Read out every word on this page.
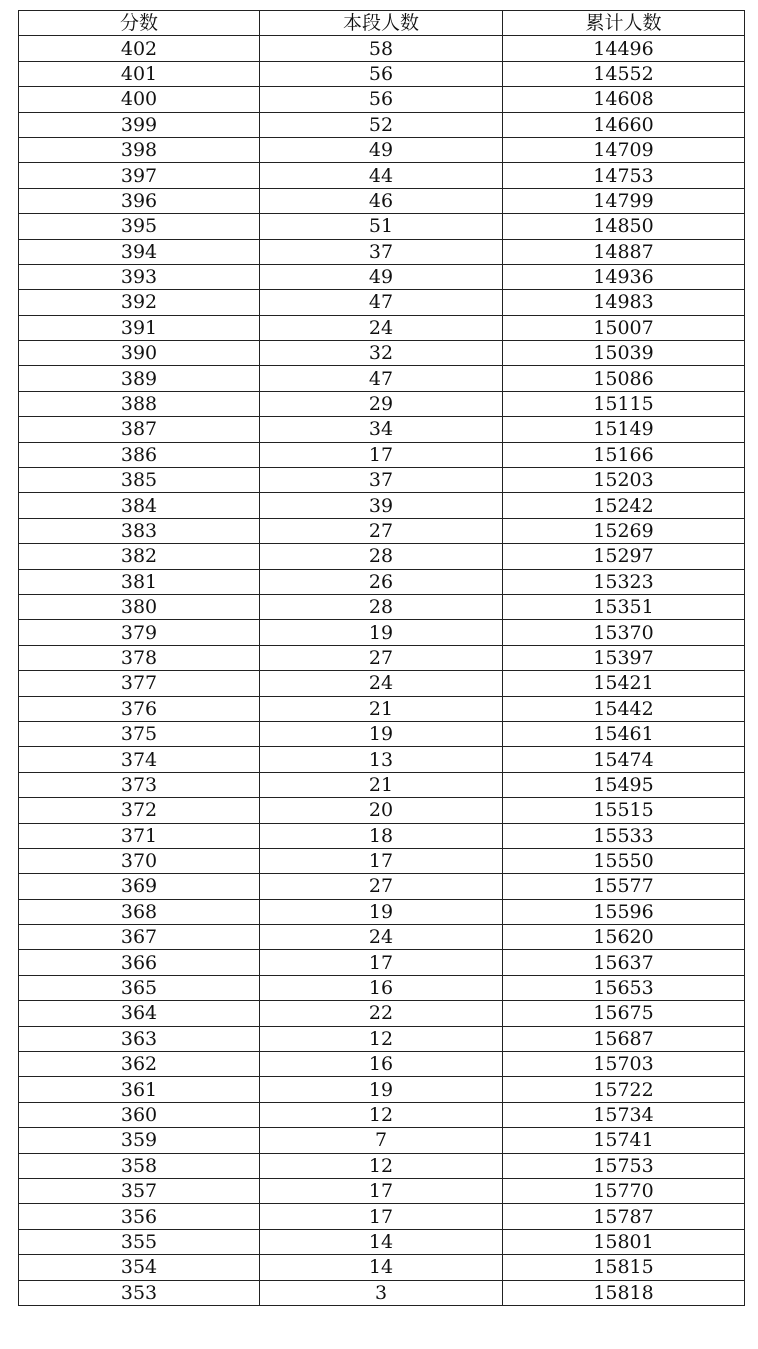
分数	本段人数	累计人数
402	58	14496
401	56	14552
400	56	14608
399	52	14660
398	49	14709
397	44	14753
396	46	14799
395	51	14850
394	37	14887
393	49	14936
392	47	14983
391	24	15007
390	32	15039
389	47	15086
388	29	15115
387	34	15149
386	17	15166
385	37	15203
384	39	15242
383	27	15269
382	28	15297
381	26	15323
380	28	15351
379	19	15370
378	27	15397
377	24	15421
376	21	15442
375	19	15461
374	13	15474
373	21	15495
372	20	15515
371	18	15533
370	17	15550
369	27	15577
368	19	15596
367	24	15620
366	17	15637
365	16	15653
364	22	15675
363	12	15687
362	16	15703
361	19	15722
360	12	15734
359	7	15741
358	12	15753
357	17	15770
356	17	15787
355	14	15801
354	14	15815
353	3	15818
